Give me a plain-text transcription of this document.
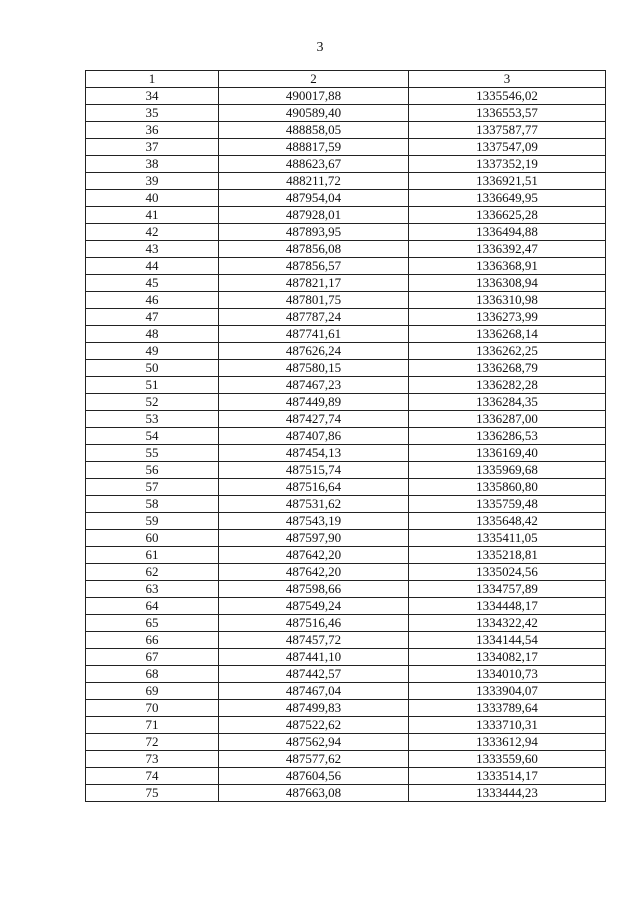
3
1	2	3
34	490017,88	1335546,02
35	490589,40	1336553,57
36	488858,05	1337587,77
37	488817,59	1337547,09
38	488623,67	1337352,19
39	488211,72	1336921,51
40	487954,04	1336649,95
41	487928,01	1336625,28
42	487893,95	1336494,88
43	487856,08	1336392,47
44	487856,57	1336368,91
45	487821,17	1336308,94
46	487801,75	1336310,98
47	487787,24	1336273,99
48	487741,61	1336268,14
49	487626,24	1336262,25
50	487580,15	1336268,79
51	487467,23	1336282,28
52	487449,89	1336284,35
53	487427,74	1336287,00
54	487407,86	1336286,53
55	487454,13	1336169,40
56	487515,74	1335969,68
57	487516,64	1335860,80
58	487531,62	1335759,48
59	487543,19	1335648,42
60	487597,90	1335411,05
61	487642,20	1335218,81
62	487642,20	1335024,56
63	487598,66	1334757,89
64	487549,24	1334448,17
65	487516,46	1334322,42
66	487457,72	1334144,54
67	487441,10	1334082,17
68	487442,57	1334010,73
69	487467,04	1333904,07
70	487499,83	1333789,64
71	487522,62	1333710,31
72	487562,94	1333612,94
73	487577,62	1333559,60
74	487604,56	1333514,17
75	487663,08	1333444,23
